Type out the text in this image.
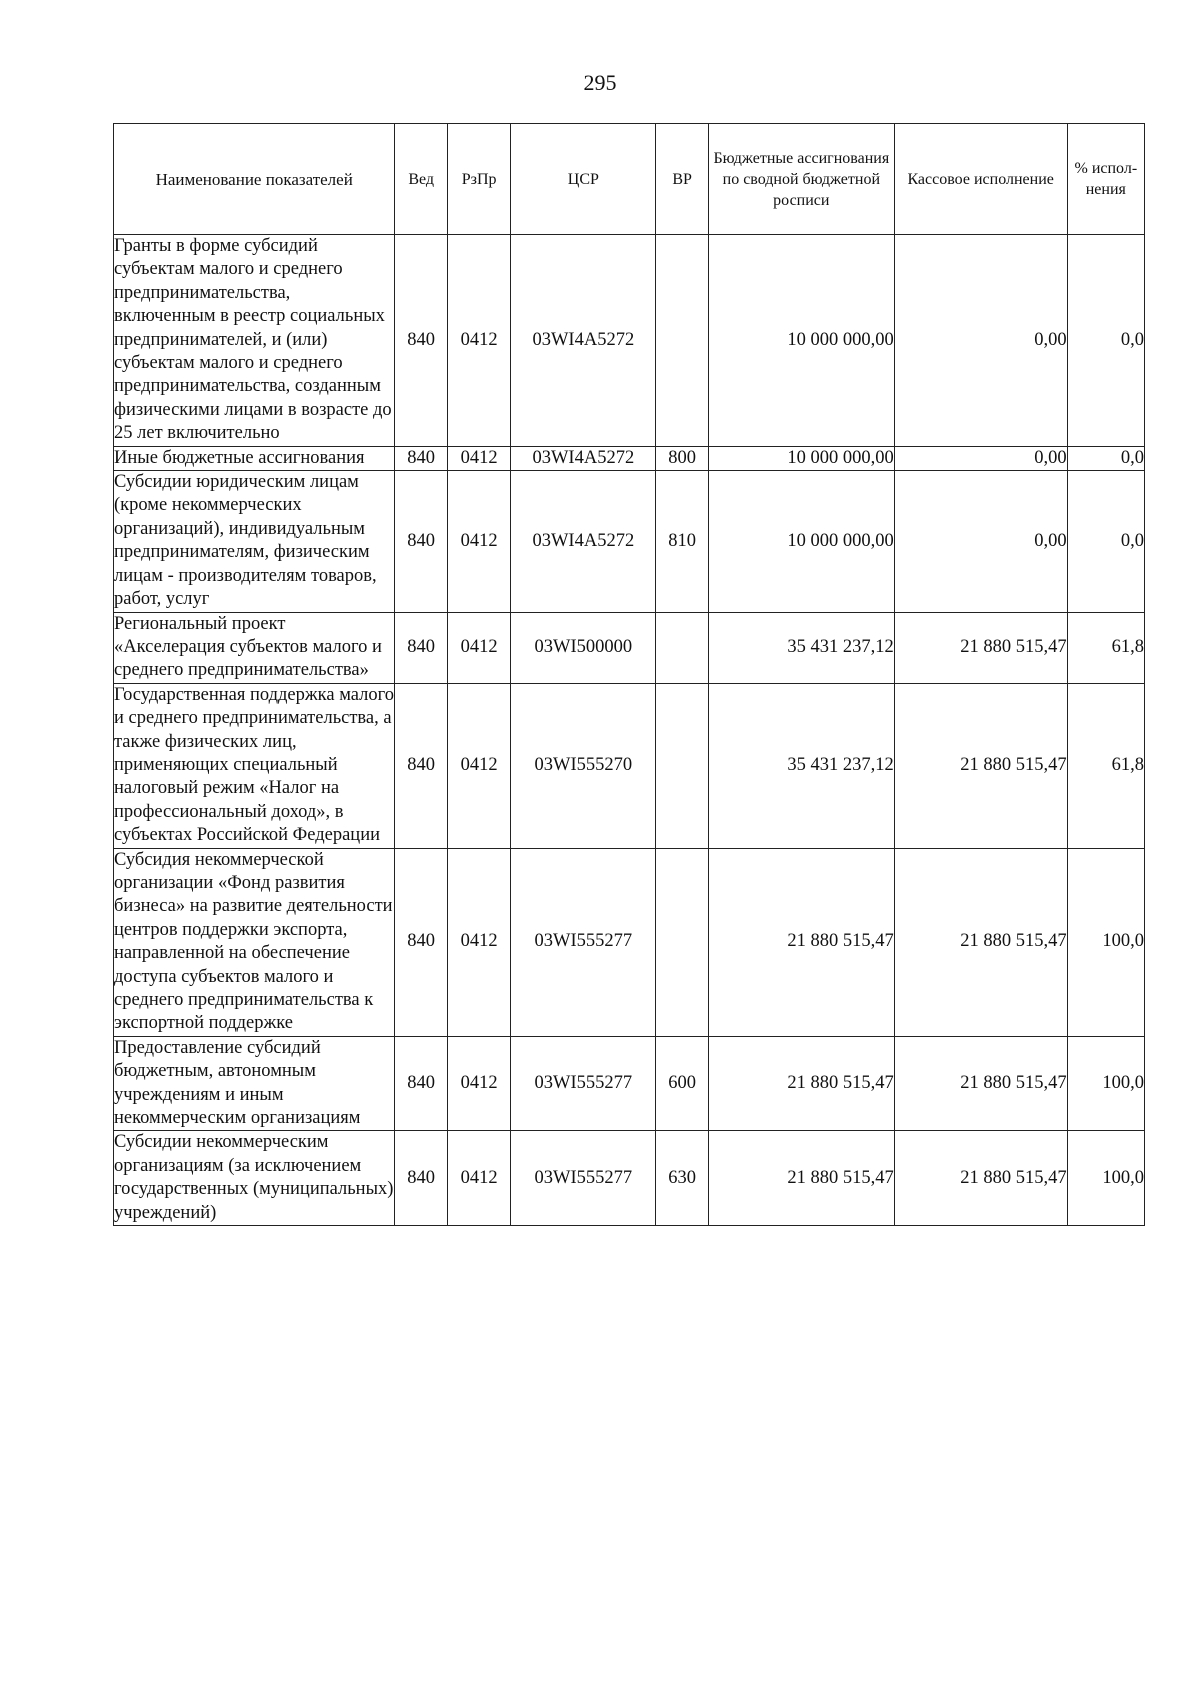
295
Наименование показателей	Вед	РзПр	ЦСР	ВР	Бюджетные ассигнования по сводной бюджетной росписи	Кассовое исполнение	% испол-нения
Гранты в форме субсидий субъектам малого и среднего предпринимательства, включенным в реестр социальных предпринимателей, и (или) субъектам малого и среднего предпринимательства, созданным физическими лицами в возрасте до 25 лет включительно	840	0412	03WI4A5272		10 000 000,00	0,00	0,0
Иные бюджетные ассигнования	840	0412	03WI4A5272	800	10 000 000,00	0,00	0,0
Субсидии юридическим лицам (кроме некоммерческих организаций), индивидуальным предпринимателям, физическим лицам - производителям товаров, работ, услуг	840	0412	03WI4A5272	810	10 000 000,00	0,00	0,0
Региональный проект «Акселерация субъектов малого и среднего предпринимательства»	840	0412	03WI500000		35 431 237,12	21 880 515,47	61,8
Государственная поддержка малого и среднего предпринимательства, а также физических лиц, применяющих специальный налоговый режим «Налог на профессиональный доход», в субъектах Российской Федерации	840	0412	03WI555270		35 431 237,12	21 880 515,47	61,8
Субсидия некоммерческой организации «Фонд развития бизнеса» на развитие деятельности центров поддержки экспорта, направленной на обеспечение доступа субъектов малого и среднего предпринимательства к экспортной поддержке	840	0412	03WI555277		21 880 515,47	21 880 515,47	100,0
Предоставление субсидий бюджетным, автономным учреждениям и иным некоммерческим организациям	840	0412	03WI555277	600	21 880 515,47	21 880 515,47	100,0
Субсидии некоммерческим организациям (за исключением государственных (муниципальных) учреждений)	840	0412	03WI555277	630	21 880 515,47	21 880 515,47	100,0
